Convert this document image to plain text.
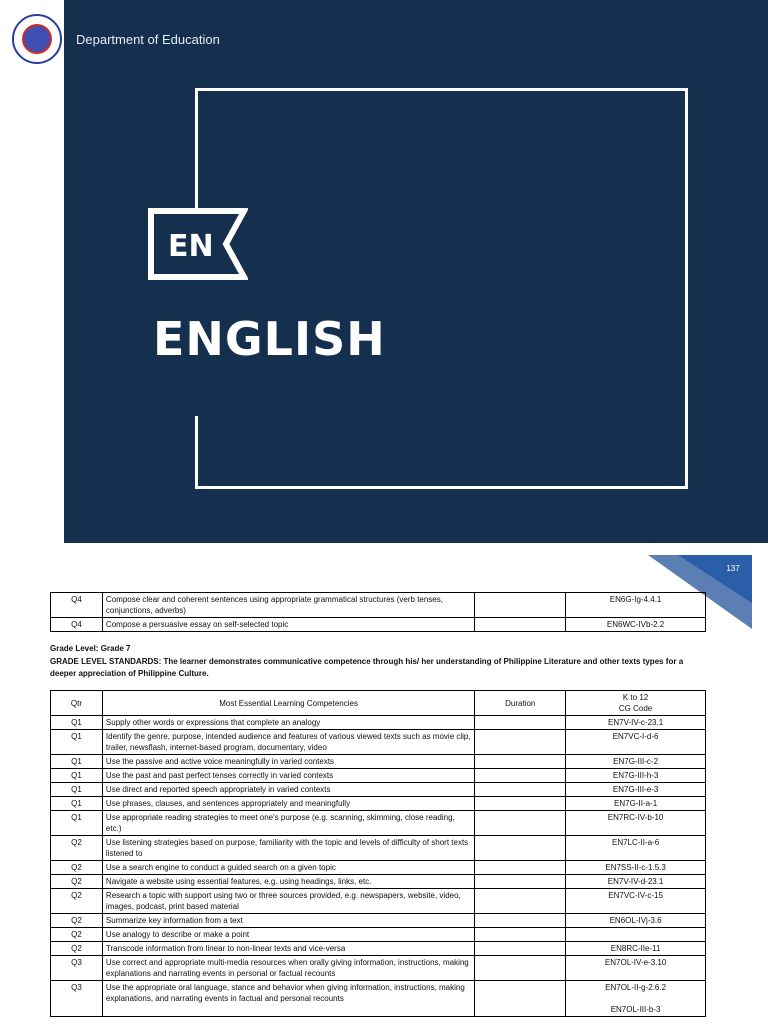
Department of Education
EN
ENGLISH
137
Q4	Compose clear and coherent sentences using appropriate grammatical structures (verb tenses, conjunctions, adverbs)		EN6G-Ig-4.4.1
Q4	Compose a persuasive essay on self-selected topic		EN6WC-IVb-2.2
Grade Level: Grade 7
GRADE LEVEL STANDARDS: The learner demonstrates communicative competence through his/ her understanding of Philippine Literature and other texts types for a deeper appreciation of Philippine Culture.
Qtr	Most Essential Learning Competencies	Duration	K to 12
CG Code

Q1	Supply other words or expressions that complete an analogy		EN7V-IV-c-23.1
Q1	Identify the genre, purpose, intended audience and features of various viewed texts such as movie clip, trailer, newsflash, internet-based program, documentary, video		EN7VC-I-d-6
Q1	Use the passive and active voice meaningfully in varied contexts		EN7G-III-c-2
Q1	Use the past and past perfect tenses correctly in varied contexts		EN7G-III-h-3
Q1	Use direct and reported speech appropriately in varied contexts		EN7G-III-e-3
Q1	Use phrases, clauses, and sentences appropriately and meaningfully		EN7G-II-a-1
Q1	Use appropriate reading strategies to meet one's purpose (e.g. scanning, skimming, close reading, etc.)		EN7RC-IV-b-10
Q2	Use listening strategies based on purpose, familiarity with the topic and levels of difficulty of short texts listened to		EN7LC-II-a-6
Q2	Use a search engine to conduct a guided search on a given topic		EN7SS-II-c-1.5.3
Q2	Navigate a website using essential features, e.g. using headings, links, etc.		EN7V-IV-d-23.1
Q2	Research a topic with support using two or three sources provided, e.g. newspapers, website, video, images, podcast, print based material		EN7VC-IV-c-15
Q2	Summarize key information from a text		EN6OL-IVj-3.6
Q2	Use analogy to describe or make a point		
Q2	Transcode information from linear to non-linear texts and vice-versa		EN8RC-IIe-11
Q3	Use correct and appropriate multi-media resources when orally giving information, instructions, making explanations and narrating events in personal or factual recounts		EN7OL-IV-e-3.10
Q3	Use the appropriate oral language, stance and behavior when giving information, instructions, making explanations, and narrating events in factual and personal recounts		EN7OL-II-g-2.6.2
EN7OL-III-b-3
